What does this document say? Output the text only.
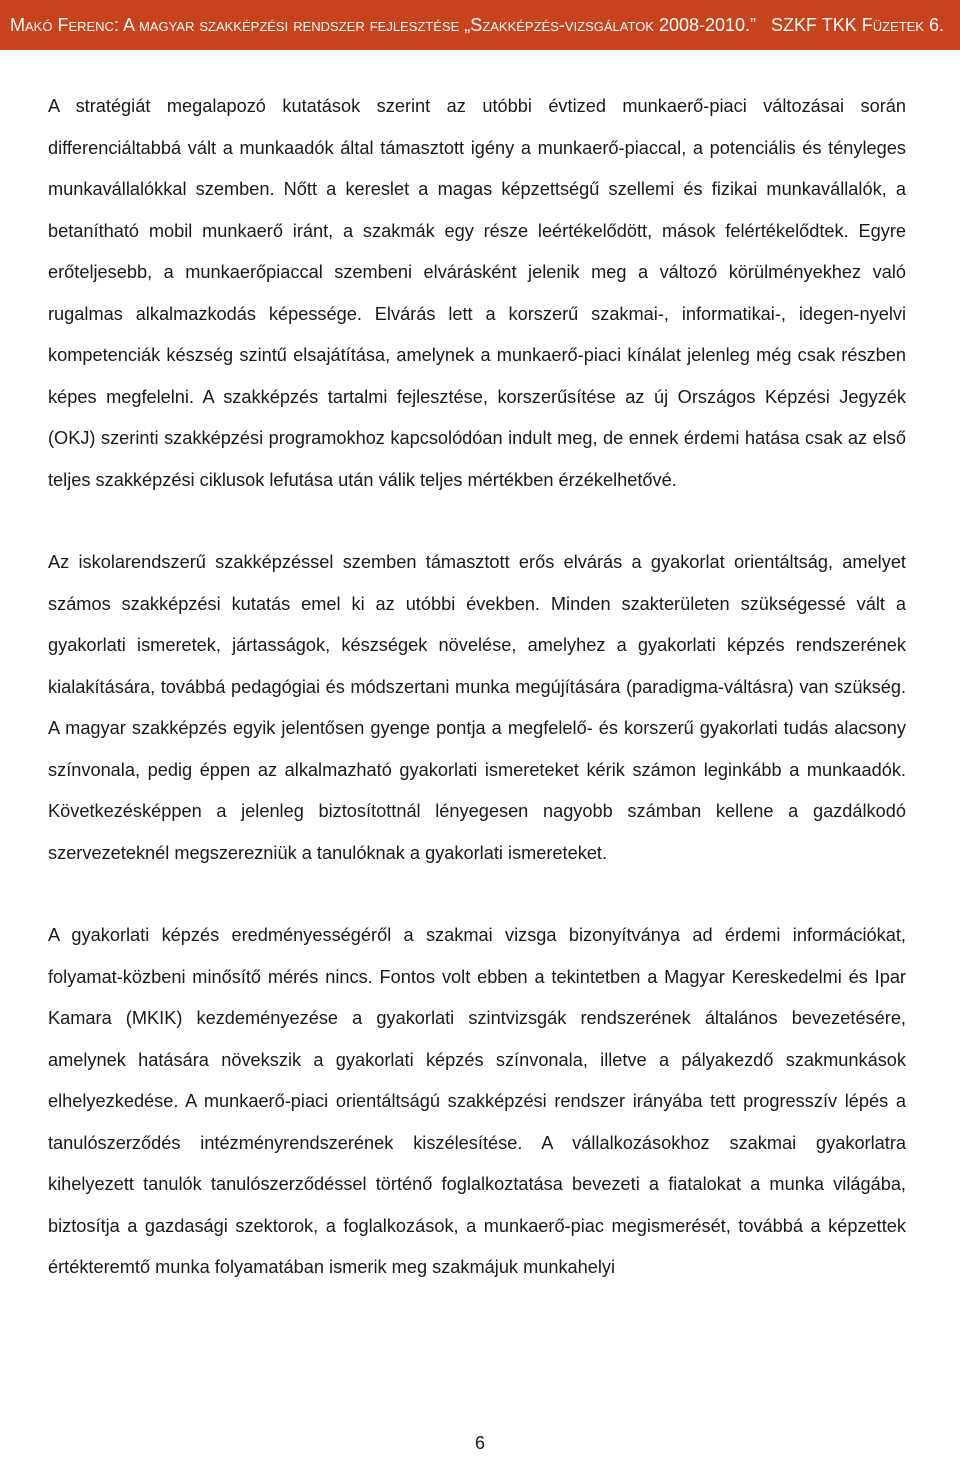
Makó Ferenc: A magyar szakképzési rendszer fejlesztése „Szakképzés-vizsgálatok 2008-2010.” SZKF TKK Füzetek 6.

A stratégiát megalapozó kutatások szerint az utóbbi évtized munkaerő-piaci változásai során differenciáltabbá vált a munkaadók által támasztott igény a munkaerő-piaccal, a potenciális és tényleges munkavállalókkal szemben. Nőtt a kereslet a magas képzettségű szellemi és fizikai munkavállalók, a betanítható mobil munkaerő iránt, a szakmák egy része leértékelődött, mások felértékelődtek. Egyre erőteljesebb, a munkaerőpiaccal szembeni elvárásként jelenik meg a változó körülményekhez való rugalmas alkalmazkodás képessége. Elvárás lett a korszerű szakmai-, informatikai-, idegen-nyelvi kompetenciák készség szintű elsajátítása, amelynek a munkaerő-piaci kínálat jelenleg még csak részben képes megfelelni. A szakképzés tartalmi fejlesztése, korszerűsítése az új Országos Képzési Jegyzék (OKJ) szerinti szakképzési programokhoz kapcsolódóan indult meg, de ennek érdemi hatása csak az első teljes szakképzési ciklusok lefutása után válik teljes mértékben érzékelhetővé.

Az iskolarendszerű szakképzéssel szemben támasztott erős elvárás a gyakorlat orientáltság, amelyet számos szakképzési kutatás emel ki az utóbbi években. Minden szakterületen szükségessé vált a gyakorlati ismeretek, jártasságok, készségek növelése, amelyhez a gyakorlati képzés rendszerének kialakítására, továbbá pedagógiai és módszertani munka megújítására (paradigma-váltásra) van szükség. A magyar szakképzés egyik jelentősen gyenge pontja a megfelelő- és korszerű gyakorlati tudás alacsony színvonala, pedig éppen az alkalmazható gyakorlati ismereteket kérik számon leginkább a munkaadók. Következésképpen a jelenleg biztosítottnál lényegesen nagyobb számban kellene a gazdálkodó szervezeteknél megszerezniük a tanulóknak a gyakorlati ismereteket.

A gyakorlati képzés eredményességéről a szakmai vizsga bizonyítványa ad érdemi információkat, folyamat-közbeni minősítő mérés nincs. Fontos volt ebben a tekintetben a Magyar Kereskedelmi és Ipar Kamara (MKIK) kezdeményezése a gyakorlati szintvizsgák rendszerének általános bevezetésére, amelynek hatására növekszik a gyakorlati képzés színvonala, illetve a pályakezdő szakmunkások elhelyezkedése. A munkaerő-piaci orientáltságú szakképzési rendszer irányába tett progresszív lépés a tanulószerződés intézményrendszerének kiszélesítése. A vállalkozásokhoz szakmai gyakorlatra kihelyezett tanulók tanulószerződéssel történő foglalkoztatása bevezeti a fiatalokat a munka világába, biztosítja a gazdasági szektorok, a foglalkozások, a munkaerő-piac megismerését, továbbá a képzettek értékteremtő munka folyamatában ismerik meg szakmájuk munkahelyi

6
